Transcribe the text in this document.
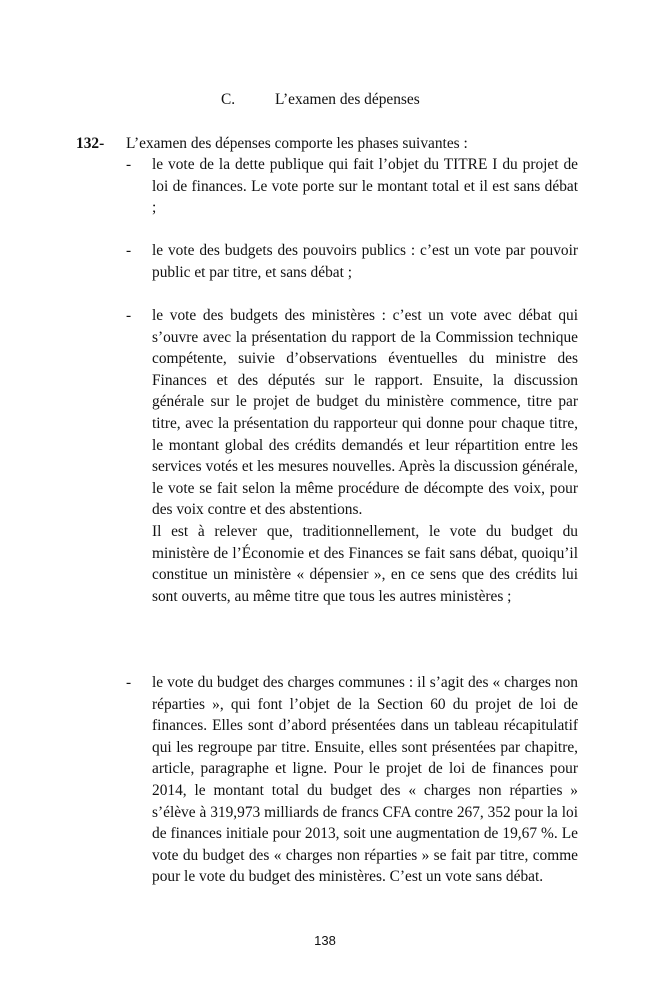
C.	L’examen des dépenses
132- L’examen des dépenses comporte les phases suivantes :
-	le vote de la dette publique qui fait l’objet du TITRE I du projet de loi de finances. Le vote porte sur le montant total et il est sans débat ;

-	le vote des budgets des pouvoirs publics : c’est un vote par pouvoir public et par titre, et sans débat ;

-	le vote des budgets des ministères : c’est un vote avec débat qui s’ouvre avec la présentation du rapport de la Commission technique compétente, suivie d’observations éventuelles du ministre des Finances et des députés sur le rapport. Ensuite, la discussion générale sur le projet de budget du ministère commence, titre par titre, avec la présentation du rapporteur qui donne pour chaque titre, le montant global des crédits demandés et leur répartition entre les services votés et les mesures nouvelles. Après la discussion générale, le vote se fait selon la même procédure de décompte des voix, pour des voix contre et des abstentions.

Il est à relever que, traditionnellement, le vote du budget du ministère de l’Économie et des Finances se fait sans débat, quoiqu’il constitue un ministère « dépensier », en ce sens que des crédits lui sont ouverts, au même titre que tous les autres ministères ;

-	le vote du budget des charges communes : il s’agit des « charges non réparties », qui font l’objet de la Section 60 du projet de loi de finances. Elles sont d’abord présentées dans un tableau récapitulatif qui les regroupe par titre. Ensuite, elles sont présentées par chapitre, article, paragraphe et ligne. Pour le projet de loi de finances pour 2014, le montant total du budget des « charges non réparties » s’élève à 319,973 milliards de francs CFA contre 267, 352 pour la loi de finances initiale pour 2013, soit une augmentation de 19,67 %. Le vote du budget des « charges non réparties » se fait par titre, comme pour le vote du budget des ministères. C’est un vote sans débat.

138
